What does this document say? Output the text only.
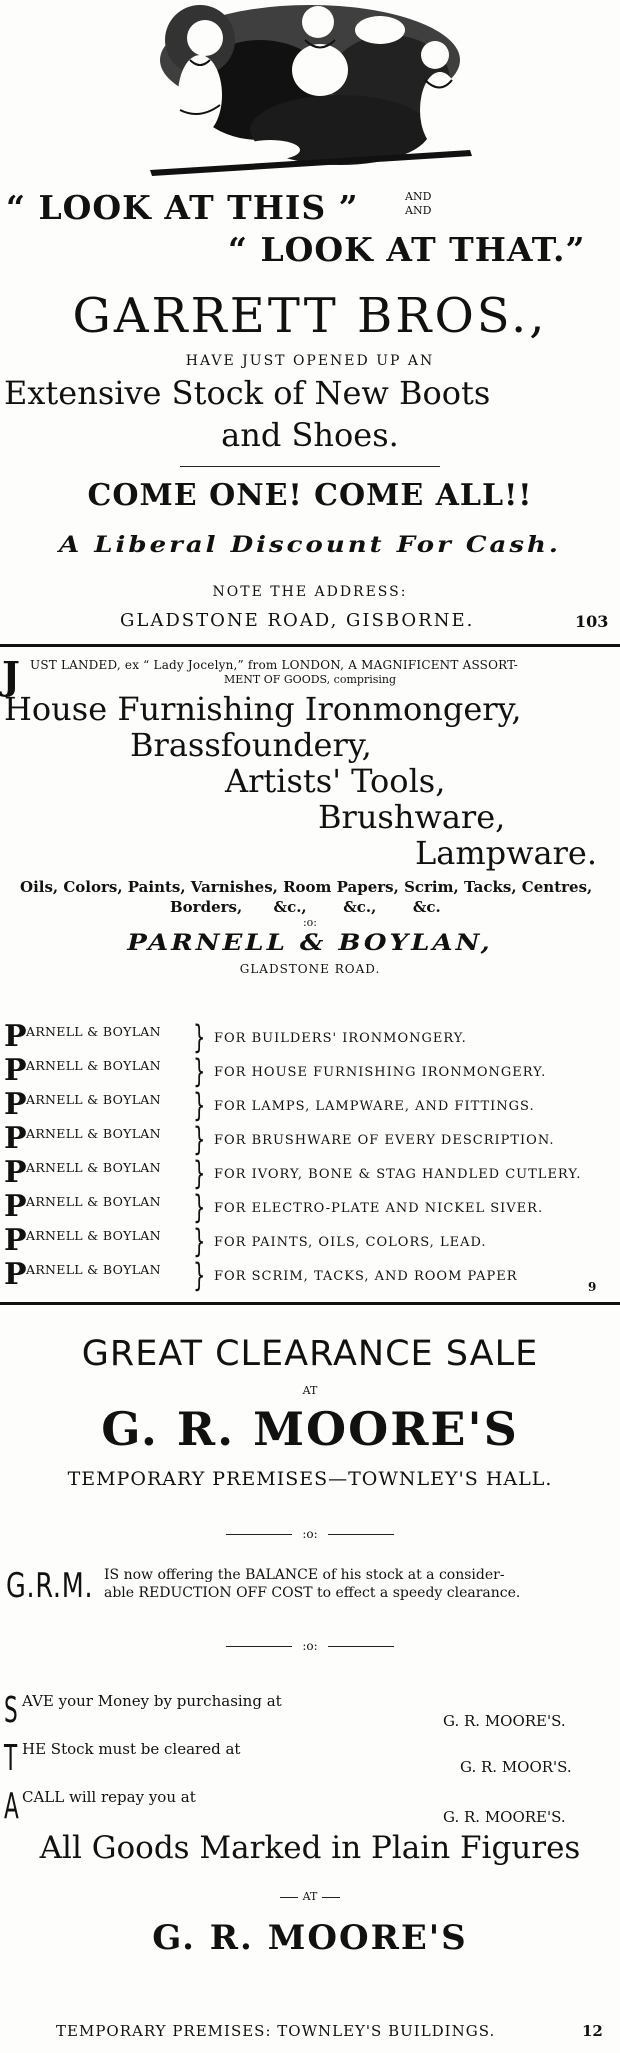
“ LOOK AT THIS ”	AND
AND
“ LOOK AT THAT.”
GARRETT BROS.,
HAVE JUST OPENED UP AN
Extensive Stock of New Boots
and Shoes.
COME ONE! COME ALL!!
A Liberal Discount For Cash.
NOTE THE ADDRESS:
GLADSTONE ROAD, GISBORNE.	103
J UST LANDED, ex “ Lady Jocelyn,” from LONDON, A MAGNIFICENT ASSORT-
MENT OF GOODS, comprising
House Furnishing Ironmongery,
Brassfoundery,
Artists' Tools,
Brushware,
Lampware.
Oils, Colors, Paints, Varnishes, Room Papers, Scrim, Tacks, Centres,
Borders,      &c.,       &c.,       &c.
:o:
PARNELL & BOYLAN,
GLADSTONE ROAD.
P ARNELL & BOYLAN } FOR BUILDERS' IRONMONGERY.
P ARNELL & BOYLAN } FOR HOUSE FURNISHING IRONMONGERY.
P ARNELL & BOYLAN } FOR LAMPS, LAMPWARE, AND FITTINGS.
P ARNELL & BOYLAN } FOR BRUSHWARE OF EVERY DESCRIPTION.
P ARNELL & BOYLAN } FOR IVORY, BONE & STAG HANDLED CUTLERY.
P ARNELL & BOYLAN } FOR ELECTRO-PLATE AND NICKEL SIVER.
P ARNELL & BOYLAN } FOR PAINTS, OILS, COLORS, LEAD.
P ARNELL & BOYLAN } FOR SCRIM, TACKS, AND ROOM PAPER
9
GREAT CLEARANCE SALE
AT
G. R. MOORE'S
TEMPORARY PREMISES—TOWNLEY'S HALL.
:o:
G.R.M. IS now offering the BALANCE of his stock at a consider-
able REDUCTION OFF COST to effect a speedy clearance.
:o:
S AVE your Money by purchasing at
G. R. MOORE'S.
T HE Stock must be cleared at
G. R. MOOR'S.
A CALL will repay you at
G. R. MOORE'S.
All Goods Marked in Plain Figures
AT
G. R. MOORE'S
TEMPORARY PREMISES: TOWNLEY'S BUILDINGS.	12
